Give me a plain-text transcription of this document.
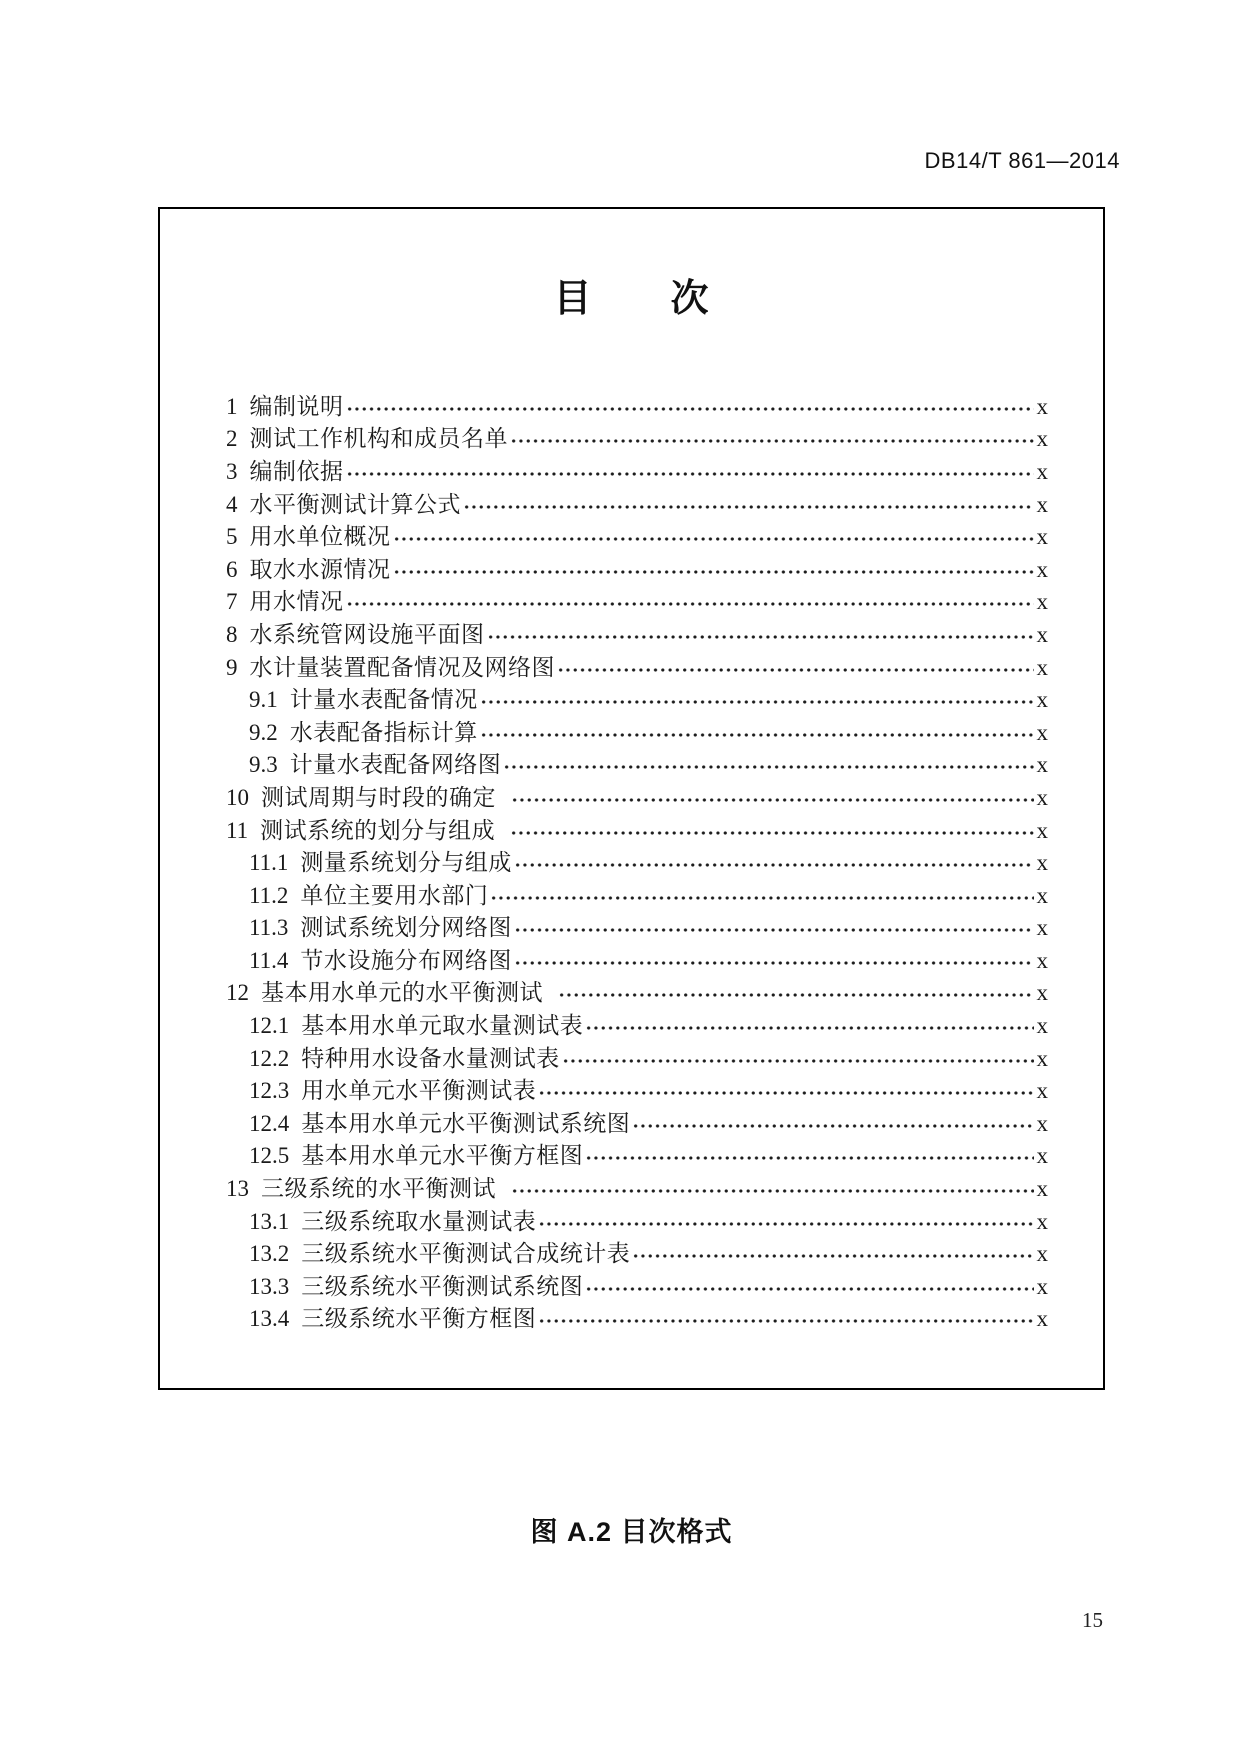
DB14/T 861—2014
目　　次
1 编制说明	x
2 测试工作机构和成员名单	x
3 编制依据	x
4 水平衡测试计算公式	x
5 用水单位概况	x
6 取水水源情况	x
7 用水情况	x
8 水系统管网设施平面图	x
9 水计量装置配备情况及网络图	x
9.1 计量水表配备情况	x
9.2 水表配备指标计算	x
9.3 计量水表配备网络图	x
10 测试周期与时段的确定	x
11 测试系统的划分与组成	x
11.1 测量系统划分与组成	x
11.2 单位主要用水部门	x
11.3 测试系统划分网络图	x
11.4 节水设施分布网络图	x
12 基本用水单元的水平衡测试	x
12.1 基本用水单元取水量测试表	x
12.2 特种用水设备水量测试表	x
12.3 用水单元水平衡测试表	x
12.4 基本用水单元水平衡测试系统图	x
12.5 基本用水单元水平衡方框图	x
13 三级系统的水平衡测试	x
13.1 三级系统取水量测试表	x
13.2 三级系统水平衡测试合成统计表	x
13.3 三级系统水平衡测试系统图	x
13.4 三级系统水平衡方框图	x
图 A.2 目次格式
15
